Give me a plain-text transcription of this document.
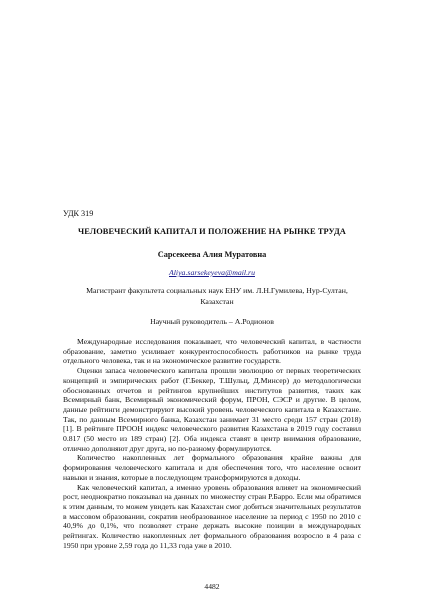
УДК 319
ЧЕЛОВЕЧЕСКИЙ КАПИТАЛ И ПОЛОЖЕНИЕ НА РЫНКЕ ТРУДА
Сарсекеева Алия Муратовна
Aliya.sarsekeyeva@mail.ru
Магистрант факультета социальных наук ЕНУ им. Л.Н.Гумилева, Нур-Султан, Казахстан
Научный руководитель – А.Родионов

Международные исследования показывает, что человеческий капитал, в частности образование, заметно усиливает конкурентоспособность работников на рынке труда отдельного человека, так и на экономическое развитие государств.

Оценки запаса человеческого капитала прошли эволюцию от первых теоретических концепций и эмпирических работ (Г.Беккер, Т.Шульц, Д.Минсер) до методологически обоснованных отчетов и рейтингов крупнейших институтов развития, таких как Всемирный банк, Всемирный экономический форум, ПРОН, СЭСР и другие. В целом, данные рейтинги демонстрируют высокий уровень человеческого капитала в Казахстане. Так, по данным Всемирного банка, Казахстан занимает 31 место среди 157 стран (2018) [1]. В рейтинге ПРООН индекс человеческого развития Казахстана в 2019 году составил 0.817 (50 место из 189 стран) [2]. Оба индекса ставят в центр внимания образование, отлично дополняют друг друга, но по-разному формулируются.

Количество накопленных лет формального образования крайне важны для формирования человеческого капитала и для обеспечения того, что население освоит навыки и знания, которые в последующем трансформируются в доходы.

Как человеческий капитал, а именно уровень образования влияет на экономический рост, неоднократно показывал на данных по множеству стран Р.Барро. Если мы обратимся к этим данным, то можем увидеть как Казахстан смог добиться значительных результатов в массовом образовании, сократив необразованное население за период с 1950 по 2010 с 40,9% до 0,1%, что позволяет стране держать высокие позиции в международных рейтингах. Количество накопленных лет формального образования возросло в 4 раза с 1950 при уровне 2,59 года до 11,33 года уже в 2010.

4482
